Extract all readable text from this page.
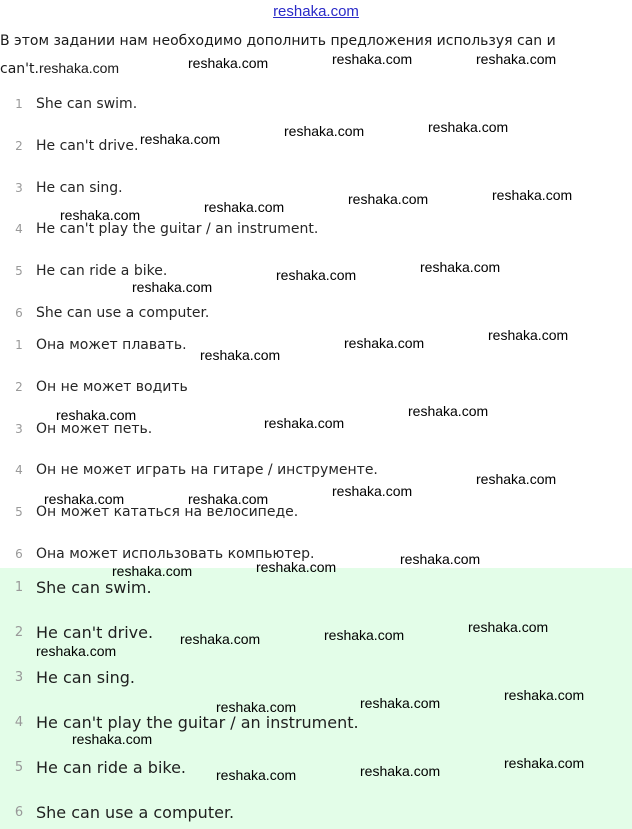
reshaka.com

В этом задании нам необходимо дополнить предложения используя can и can't.reshaka.com

1 She can swim.
2 He can't drive.
3 He can sing.
4 He can't play the guitar / an instrument.
5 He can ride a bike.
6 She can use a computer.
1 Она может плавать.
2 Он не может водить
3 Он может петь.
4 Он не может играть на гитаре / инструменте.
5 Он может кататься на велосипеде.
6 Она может использовать компьютер.
1 She can swim.
2 He can't drive.
3 He can sing.
4 He can't play the guitar / an instrument.
5 He can ride a bike.
6 She can use a computer.
reshaka.com	reshaka.com	reshaka.com
reshaka.com	reshaka.com	reshaka.com
reshaka.com	reshaka.com	reshaka.com	reshaka.com
reshaka.com	reshaka.com
reshaka.com
reshaka.com	reshaka.com
reshaka.com
reshaka.com	reshaka.com
reshaka.com
reshaka.com
reshaka.com
reshaka.com	reshaka.com
reshaka.com
reshaka.com
reshaka.com
reshaka.com
reshaka.com
reshaka.com
reshaka.com
reshaka.com
reshaka.com
reshaka.com
reshaka.com
reshaka.com
reshaka.com
reshaka.com
